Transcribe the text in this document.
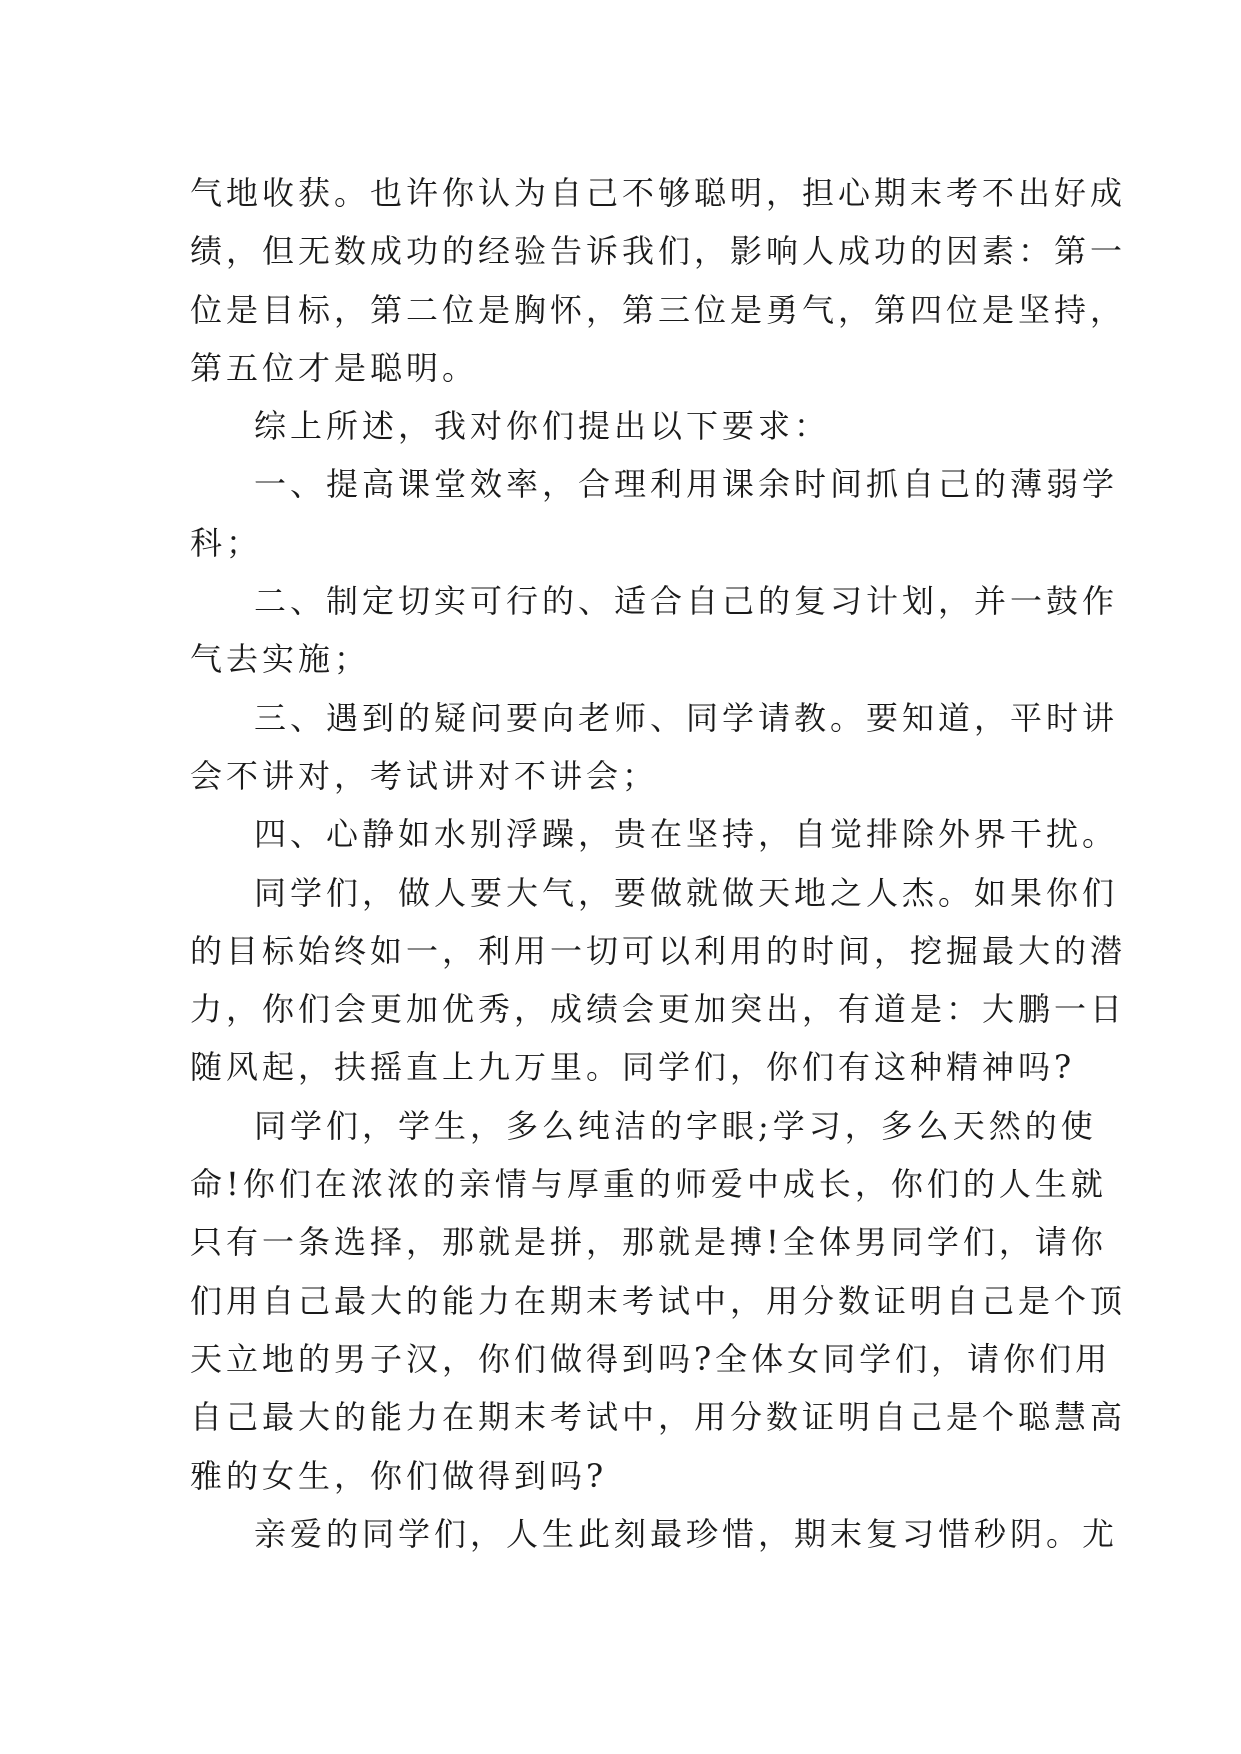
气地收获。也许你认为自己不够聪明，担心期末考不出好成
绩，但无数成功的经验告诉我们，影响人成功的因素：第一
位是目标，第二位是胸怀，第三位是勇气，第四位是坚持，
第五位才是聪明。
综上所述，我对你们提出以下要求：
一、提高课堂效率，合理利用课余时间抓自己的薄弱学
科；
二、制定切实可行的、适合自己的复习计划，并一鼓作
气去实施；
三、遇到的疑问要向老师、同学请教。要知道，平时讲
会不讲对，考试讲对不讲会；
四、心静如水别浮躁，贵在坚持，自觉排除外界干扰。
同学们，做人要大气，要做就做天地之人杰。如果你们
的目标始终如一，利用一切可以利用的时间，挖掘最大的潜
力，你们会更加优秀，成绩会更加突出，有道是：大鹏一日
随风起，扶摇直上九万里。同学们，你们有这种精神吗?
同学们，学生，多么纯洁的字眼;学习，多么天然的使
命!你们在浓浓的亲情与厚重的师爱中成长，你们的人生就
只有一条选择，那就是拼，那就是搏!全体男同学们，请你
们用自己最大的能力在期末考试中，用分数证明自己是个顶
天立地的男子汉，你们做得到吗?全体女同学们，请你们用
自己最大的能力在期末考试中，用分数证明自己是个聪慧高
雅的女生，你们做得到吗?
亲爱的同学们，人生此刻最珍惜，期末复习惜秒阴。尤
